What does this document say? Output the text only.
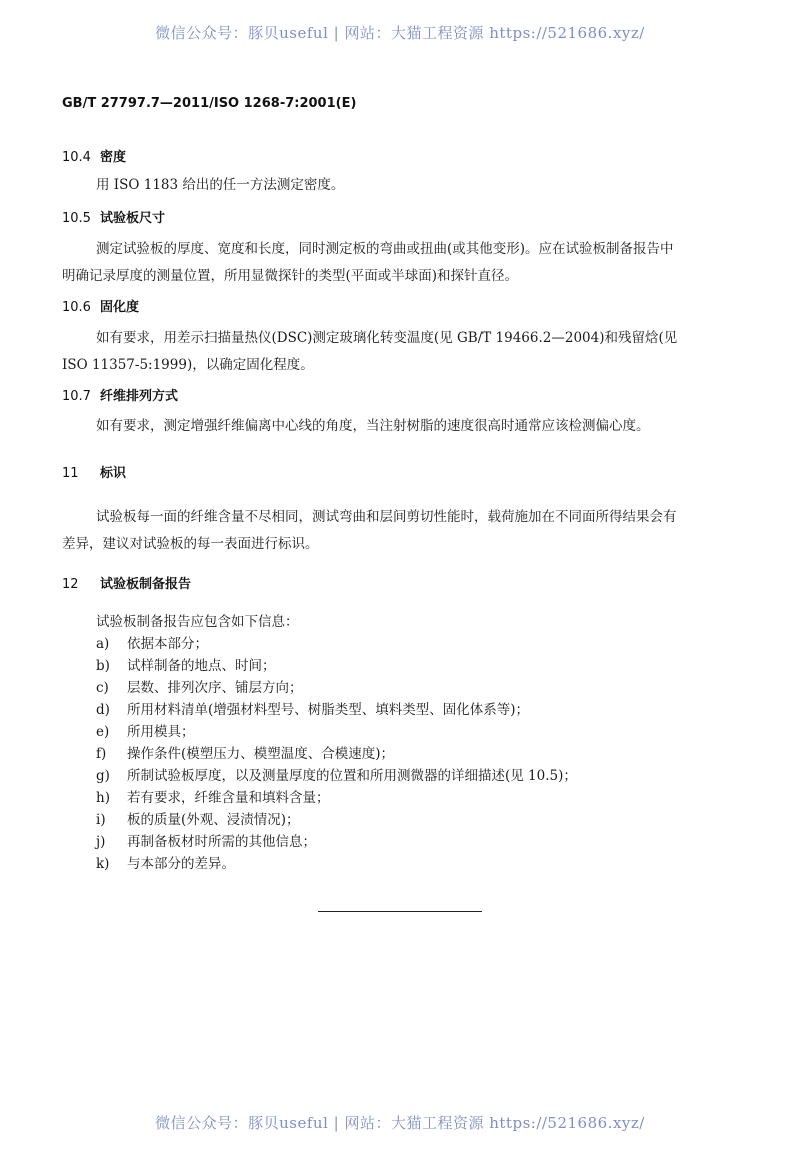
微信公众号：豚贝useful | 网站：大猫工程资源 https://521686.xyz/
GB/T 27797.7—2011/ISO 1268-7:2001(E)
10.4 密度
用 ISO 1183 给出的任一方法测定密度。
10.5 试验板尺寸
测定试验板的厚度、宽度和长度，同时测定板的弯曲或扭曲(或其他变形)。应在试验板制备报告中
明确记录厚度的测量位置，所用显微探针的类型(平面或半球面)和探针直径。
10.6 固化度
如有要求，用差示扫描量热仪(DSC)测定玻璃化转变温度(见 GB/T 19466.2—2004)和残留焓(见
ISO 11357-5:1999)，以确定固化程度。
10.7 纤维排列方式
如有要求，测定增强纤维偏离中心线的角度，当注射树脂的速度很高时通常应该检测偏心度。
11 标识
试验板每一面的纤维含量不尽相同，测试弯曲和层间剪切性能时，载荷施加在不同面所得结果会有
差异，建议对试验板的每一表面进行标识。
12 试验板制备报告
试验板制备报告应包含如下信息：
a) 依据本部分；
b) 试样制备的地点、时间；
c) 层数、排列次序、铺层方向；
d) 所用材料清单(增强材料型号、树脂类型、填料类型、固化体系等)；
e) 所用模具；
f) 操作条件(模塑压力、模塑温度、合模速度)；
g) 所制试验板厚度，以及测量厚度的位置和所用测微器的详细描述(见 10.5)；
h) 若有要求，纤维含量和填料含量；
i) 板的质量(外观、浸渍情况)；
j) 再制备板材时所需的其他信息；
k) 与本部分的差异。
微信公众号：豚贝useful | 网站：大猫工程资源 https://521686.xyz/
